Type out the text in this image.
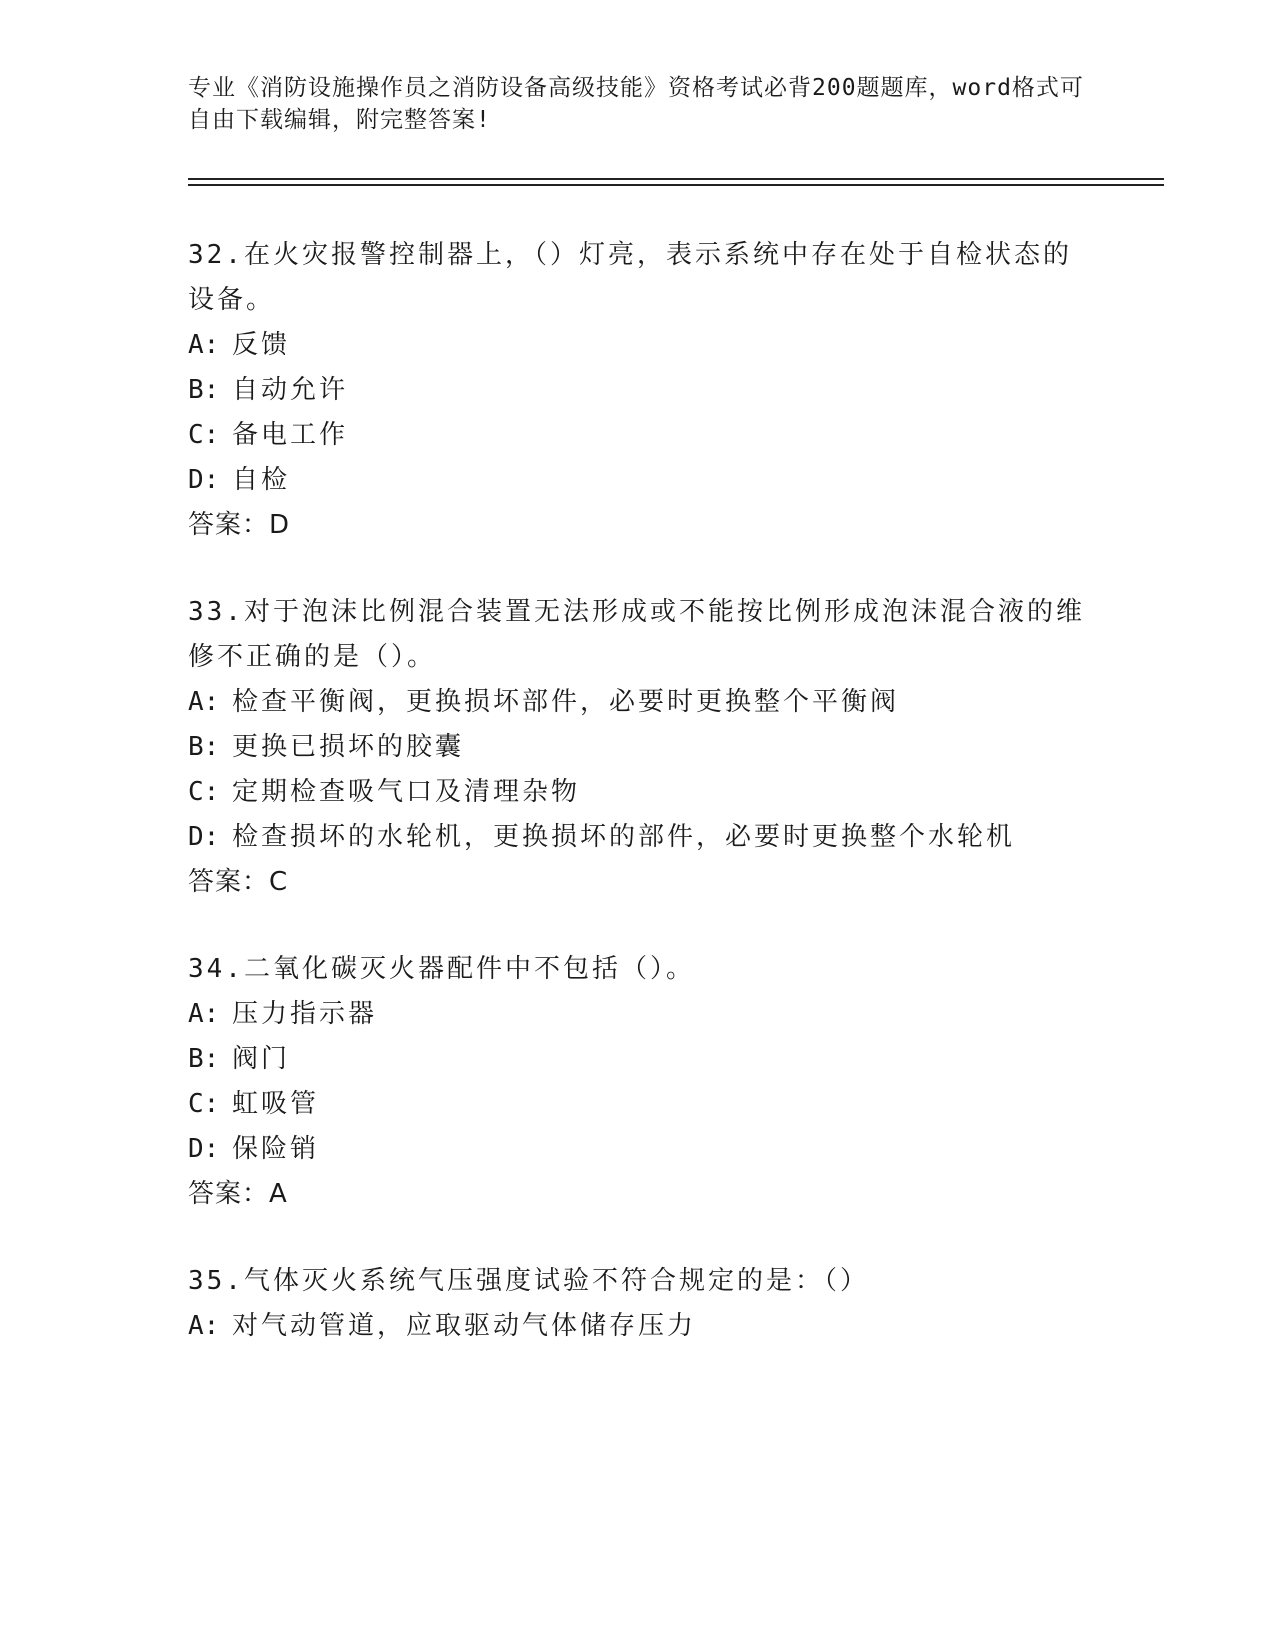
专业《消防设施操作员之消防设备高级技能》资格考试必背200题题库，word格式可自由下载编辑，附完整答案!

32.在火灾报警控制器上，（）灯亮，表示系统中存在处于自检状态的设备。

A: 反馈
B: 自动允许
C: 备电工作
D: 自检
答案：D

33.对于泡沫比例混合装置无法形成或不能按比例形成泡沫混合液的维修不正确的是（）。

A: 检查平衡阀，更换损坏部件，必要时更换整个平衡阀
B: 更换已损坏的胶囊
C: 定期检查吸气口及清理杂物
D: 检查损坏的水轮机，更换损坏的部件，必要时更换整个水轮机
答案：C

34.二氧化碳灭火器配件中不包括（）。

A: 压力指示器
B: 阀门
C: 虹吸管
D: 保险销
答案：A

35.气体灭火系统气压强度试验不符合规定的是：（）

A: 对气动管道，应取驱动气体储存压力
